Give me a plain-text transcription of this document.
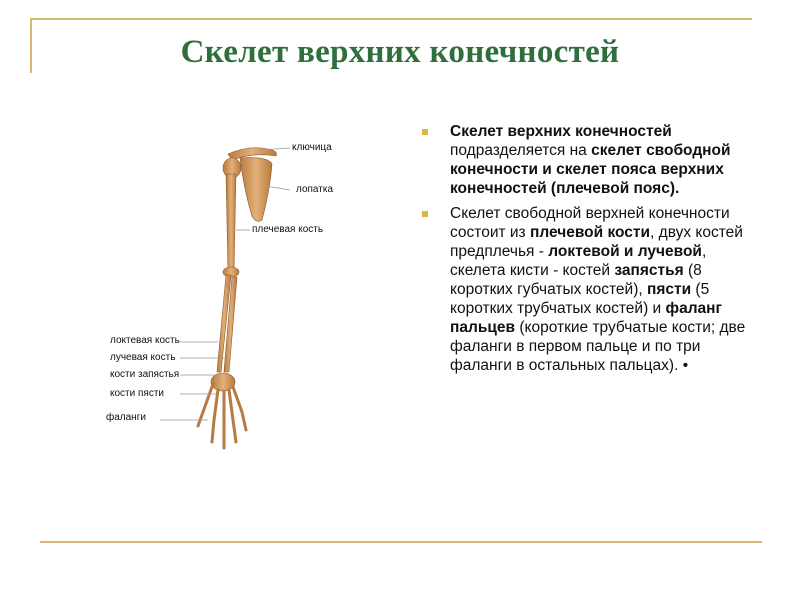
Скелет верхних конечностей
ключица
лопатка
плечевая кость
локтевая кость
лучевая кость
кости запястья
кости пясти
фаланги
Скелет верхних конечностей подразделяется на скелет свободной конечности и скелет пояса верхних конечностей (плечевой пояс).
Скелет свободной верхней конечности состоит из плечевой кости, двух костей предплечья - локтевой и лучевой, скелета кисти - костей запястья (8 коротких губчатых костей), пясти (5 коротких трубчатых костей) и фаланг пальцев (короткие трубчатые кости; две фаланги в первом пальце и по три фаланги в остальных пальцах). •
